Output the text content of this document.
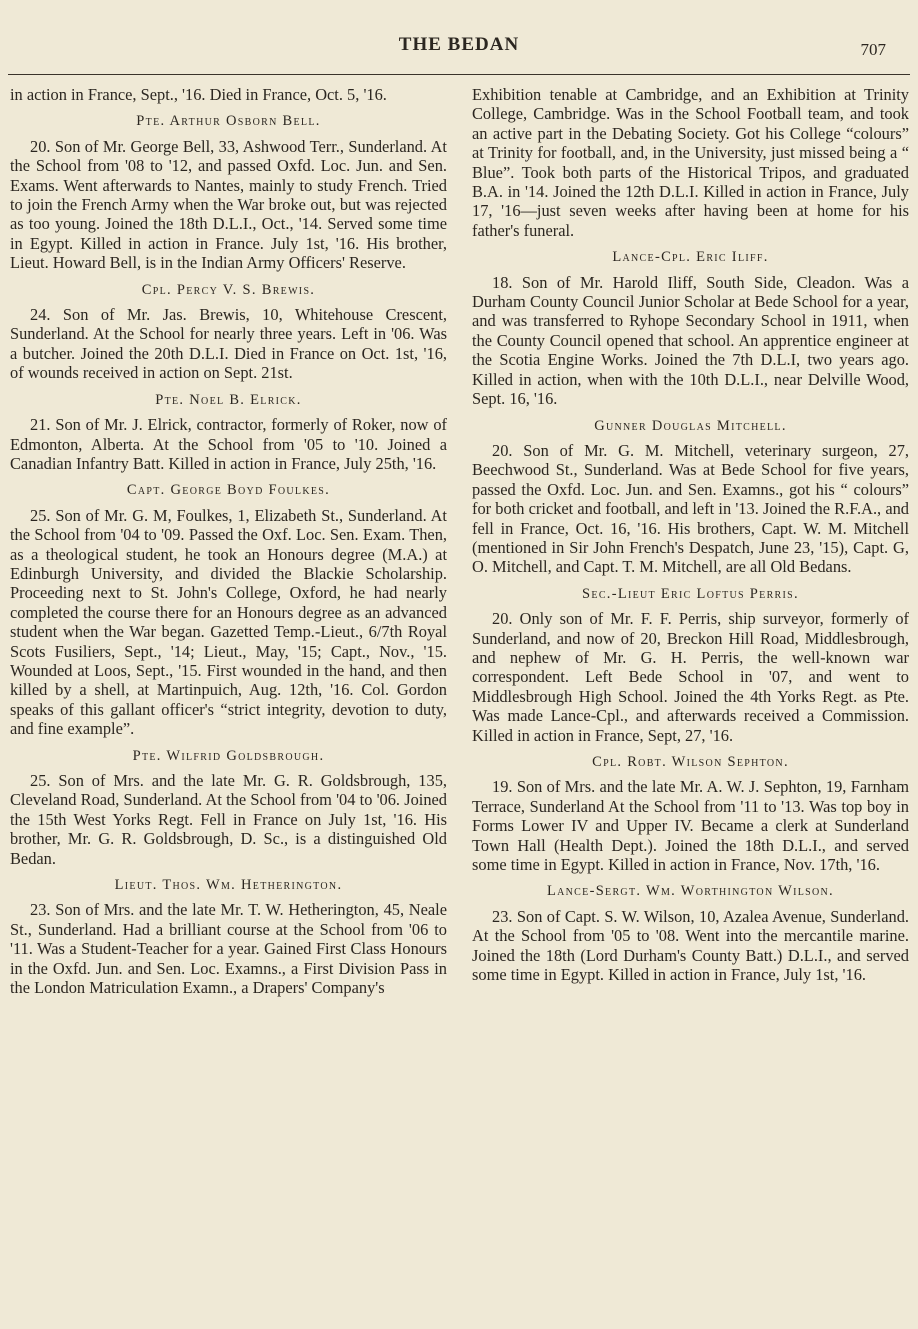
THE BEDAN	707

in action in France, Sept., '16. Died in France, Oct. 5, '16.

Pte. Arthur Osborn Bell.

20. Son of Mr. George Bell, 33, Ashwood Terr., Sunderland. At the School from '08 to '12, and passed Oxfd. Loc. Jun. and Sen. Exams. Went afterwards to Nantes, mainly to study French. Tried to join the French Army when the War broke out, but was rejected as too young. Joined the 18th D.L.I., Oct., '14. Served some time in Egypt. Killed in action in France. July 1st, '16. His brother, Lieut. Howard Bell, is in the Indian Army Officers' Reserve.

Cpl. Percy V. S. Brewis.

24. Son of Mr. Jas. Brewis, 10, Whitehouse Crescent, Sunderland. At the School for nearly three years. Left in '06. Was a butcher. Joined the 20th D.L.I. Died in France on Oct. 1st, '16, of wounds received in action on Sept. 21st.

Pte. Noel B. Elrick.

21. Son of Mr. J. Elrick, contractor, formerly of Roker, now of Edmonton, Alberta. At the School from '05 to '10. Joined a Canadian Infantry Batt. Killed in action in France, July 25th, '16.

Capt. George Boyd Foulkes.

25. Son of Mr. G. M, Foulkes, 1, Elizabeth St., Sunderland. At the School from '04 to '09. Passed the Oxf. Loc. Sen. Exam. Then, as a theological student, he took an Honours degree (M.A.) at Edinburgh University, and divided the Blackie Scholarship. Proceeding next to St. John's College, Oxford, he had nearly completed the course there for an Honours degree as an advanced student when the War began. Gazetted Temp.-Lieut., 6/7th Royal Scots Fusiliers, Sept., '14; Lieut., May, '15; Capt., Nov., '15. Wounded at Loos, Sept., '15. First wounded in the hand, and then killed by a shell, at Martinpuich, Aug. 12th, '16. Col. Gordon speaks of this gallant officer's “strict integrity, devotion to duty, and fine example”.

Pte. Wilfrid Goldsbrough.

25. Son of Mrs. and the late Mr. G. R. Goldsbrough, 135, Cleveland Road, Sunderland. At the School from '04 to '06. Joined the 15th West Yorks Regt. Fell in France on July 1st, '16. His brother, Mr. G. R. Goldsbrough, D. Sc., is a distinguished Old Bedan.

Lieut. Thos. Wm. Hetherington.

23. Son of Mrs. and the late Mr. T. W. Hetherington, 45, Neale St., Sunderland. Had a brilliant course at the School from '06 to '11. Was a Student-Teacher for a year. Gained First Class Honours in the Oxfd. Jun. and Sen. Loc. Examns., a First Division Pass in the London Matriculation Examn., a Drapers' Company's

Exhibition tenable at Cambridge, and an Exhibition at Trinity College, Cambridge. Was in the School Football team, and took an active part in the Debating Society. Got his College “colours” at Trinity for football, and, in the University, just missed being a “ Blue”. Took both parts of the Historical Tripos, and graduated B.A. in '14. Joined the 12th D.L.I. Killed in action in France, July 17, '16—just seven weeks after having been at home for his father's funeral.

Lance-Cpl. Eric Iliff.

18. Son of Mr. Harold Iliff, South Side, Cleadon. Was a Durham County Council Junior Scholar at Bede School for a year, and was transferred to Ryhope Secondary School in 1911, when the County Council opened that school. An apprentice engineer at the Scotia Engine Works. Joined the 7th D.L.I, two years ago. Killed in action, when with the 10th D.L.I., near Delville Wood, Sept. 16, '16.

Gunner Douglas Mitchell.

20. Son of Mr. G. M. Mitchell, veterinary surgeon, 27, Beechwood St., Sunderland. Was at Bede School for five years, passed the Oxfd. Loc. Jun. and Sen. Examns., got his “ colours” for both cricket and football, and left in '13. Joined the R.F.A., and fell in France, Oct. 16, '16. His brothers, Capt. W. M. Mitchell (mentioned in Sir John French's Despatch, June 23, '15), Capt. G, O. Mitchell, and Capt. T. M. Mitchell, are all Old Bedans.

Sec.-Lieut Eric Loftus Perris.

20. Only son of Mr. F. F. Perris, ship surveyor, formerly of Sunderland, and now of 20, Breckon Hill Road, Middlesbrough, and nephew of Mr. G. H. Perris, the well-known war correspondent. Left Bede School in '07, and went to Middlesbrough High School. Joined the 4th Yorks Regt. as Pte. Was made Lance-Cpl., and afterwards received a Commission. Killed in action in France, Sept, 27, '16.

Cpl. Robt. Wilson Sephton.

19. Son of Mrs. and the late Mr. A. W. J. Sephton, 19, Farnham Terrace, Sunderland At the School from '11 to '13. Was top boy in Forms Lower IV and Upper IV. Became a clerk at Sunderland Town Hall (Health Dept.). Joined the 18th D.L.I., and served some time in Egypt. Killed in action in France, Nov. 17th, '16.

Lance-Sergt. Wm. Worthington Wilson.

23. Son of Capt. S. W. Wilson, 10, Azalea Avenue, Sunderland. At the School from '05 to '08. Went into the mercantile marine. Joined the 18th (Lord Durham's County Batt.) D.L.I., and served some time in Egypt. Killed in action in France, July 1st, '16.
